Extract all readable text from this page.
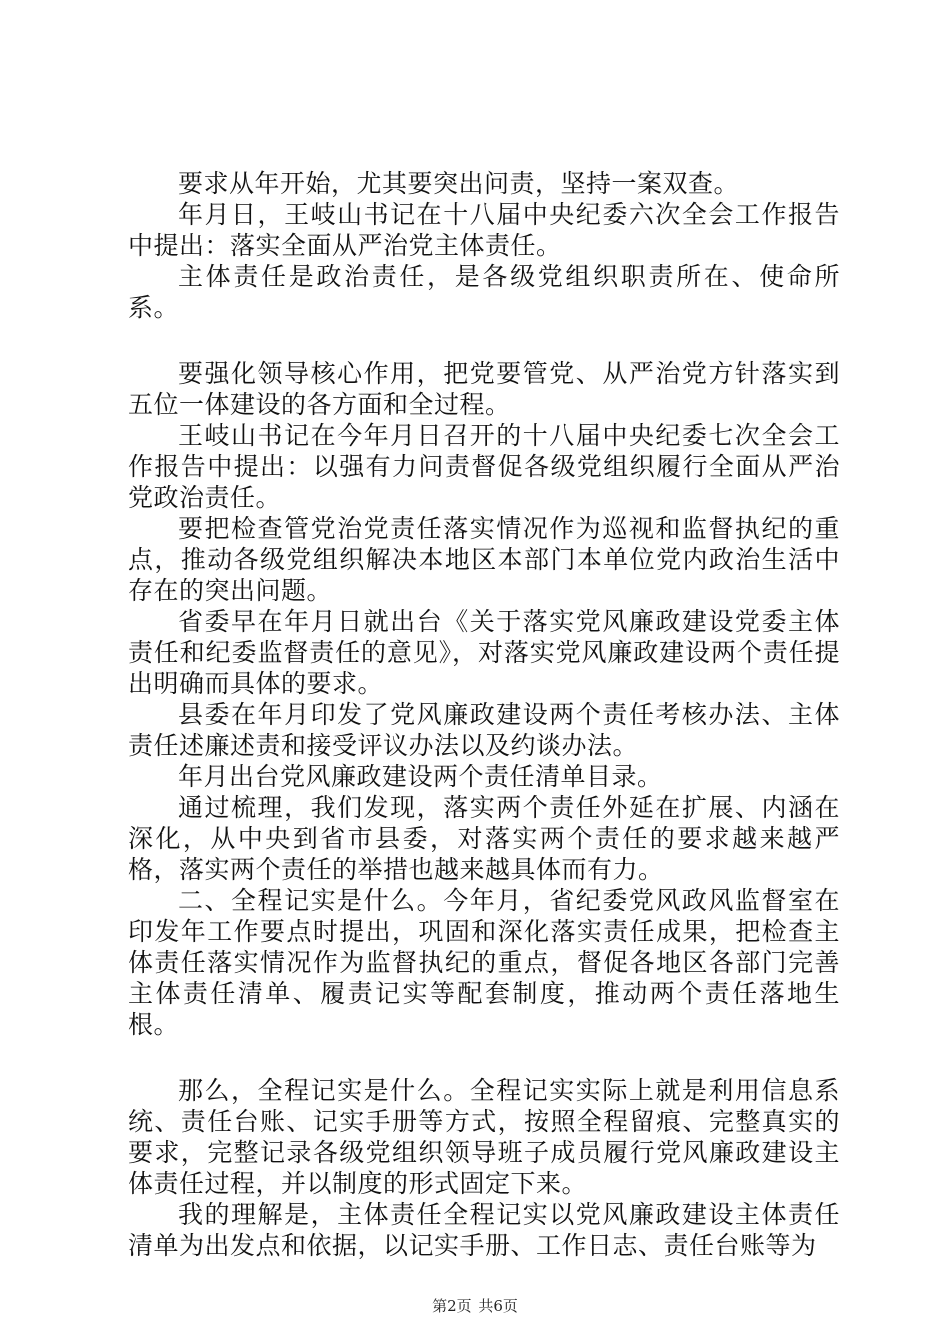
要求从年开始，尤其要突出问责，坚持一案双查。

年月日，王岐山书记在十八届中央纪委六次全会工作报告中提出：落实全面从严治党主体责任。

主体责任是政治责任，是各级党组织职责所在、使命所系。

要强化领导核心作用，把党要管党、从严治党方针落实到五位一体建设的各方面和全过程。

王岐山书记在今年月日召开的十八届中央纪委七次全会工作报告中提出：以强有力问责督促各级党组织履行全面从严治党政治责任。

要把检查管党治党责任落实情况作为巡视和监督执纪的重点，推动各级党组织解决本地区本部门本单位党内政治生活中存在的突出问题。

省委早在年月日就出台《关于落实党风廉政建设党委主体责任和纪委监督责任的意见》，对落实党风廉政建设两个责任提出明确而具体的要求。

县委在年月印发了党风廉政建设两个责任考核办法、主体责任述廉述责和接受评议办法以及约谈办法。

年月出台党风廉政建设两个责任清单目录。

通过梳理，我们发现，落实两个责任外延在扩展、内涵在深化，从中央到省市县委，对落实两个责任的要求越来越严格，落实两个责任的举措也越来越具体而有力。

二、全程记实是什么。今年月，省纪委党风政风监督室在印发年工作要点时提出，巩固和深化落实责任成果，把检查主体责任落实情况作为监督执纪的重点，督促各地区各部门完善主体责任清单、履责记实等配套制度，推动两个责任落地生根。

那么，全程记实是什么。全程记实实际上就是利用信息系统、责任台账、记实手册等方式，按照全程留痕、完整真实的要求，完整记录各级党组织领导班子成员履行党风廉政建设主体责任过程，并以制度的形式固定下来。

我的理解是，主体责任全程记实以党风廉政建设主体责任清单为出发点和依据，以记实手册、工作日志、责任台账等为

第2页 共6页
